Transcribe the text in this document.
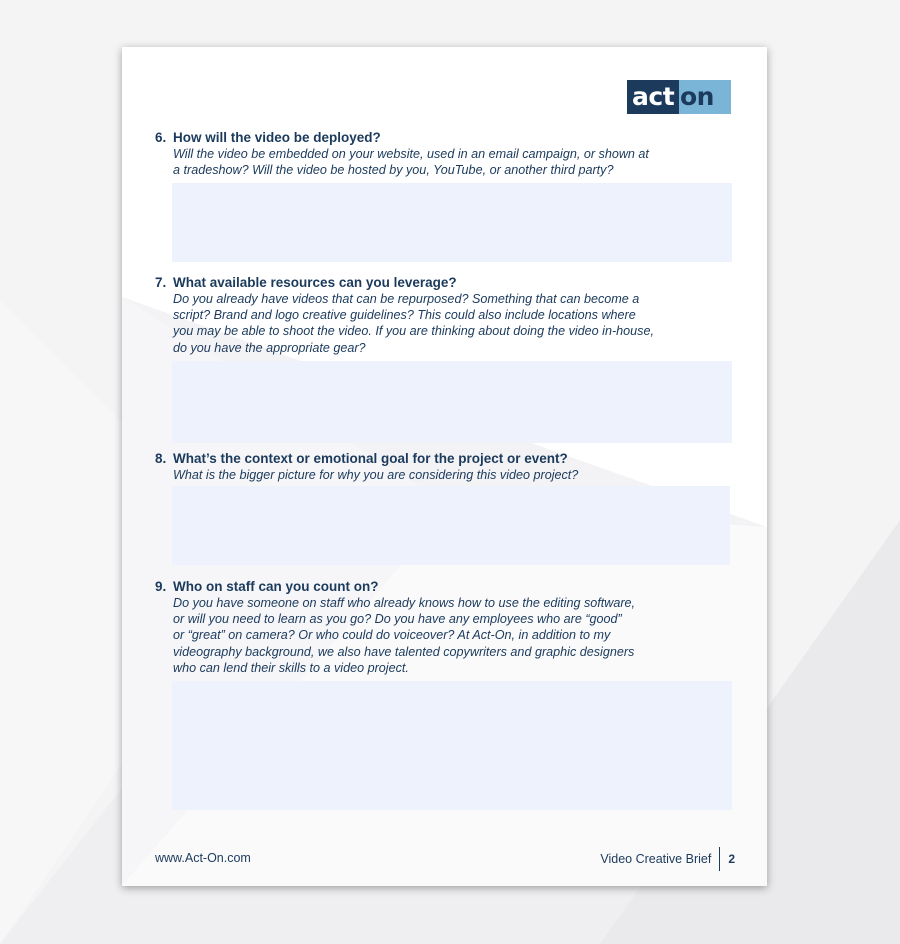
act on
6. How will the video be deployed?
Will the video be embedded on your website, used in an email campaign, or shown at
a tradeshow? Will the video be hosted by you, YouTube, or another third party?
7. What available resources can you leverage?
Do you already have videos that can be repurposed? Something that can become a
script? Brand and logo creative guidelines? This could also include locations where
you may be able to shoot the video. If you are thinking about doing the video in-house,
do you have the appropriate gear?
8. What’s the context or emotional goal for the project or event?
What is the bigger picture for why you are considering this video project?
9. Who on staff can you count on?
Do you have someone on staff who already knows how to use the editing software,
or will you need to learn as you go? Do you have any employees who are “good”
or “great” on camera? Or who could do voiceover? At Act-On, in addition to my
videography background, we also have talented copywriters and graphic designers
who can lend their skills to a video project.
www.Act-On.com	Video Creative Brief 2
